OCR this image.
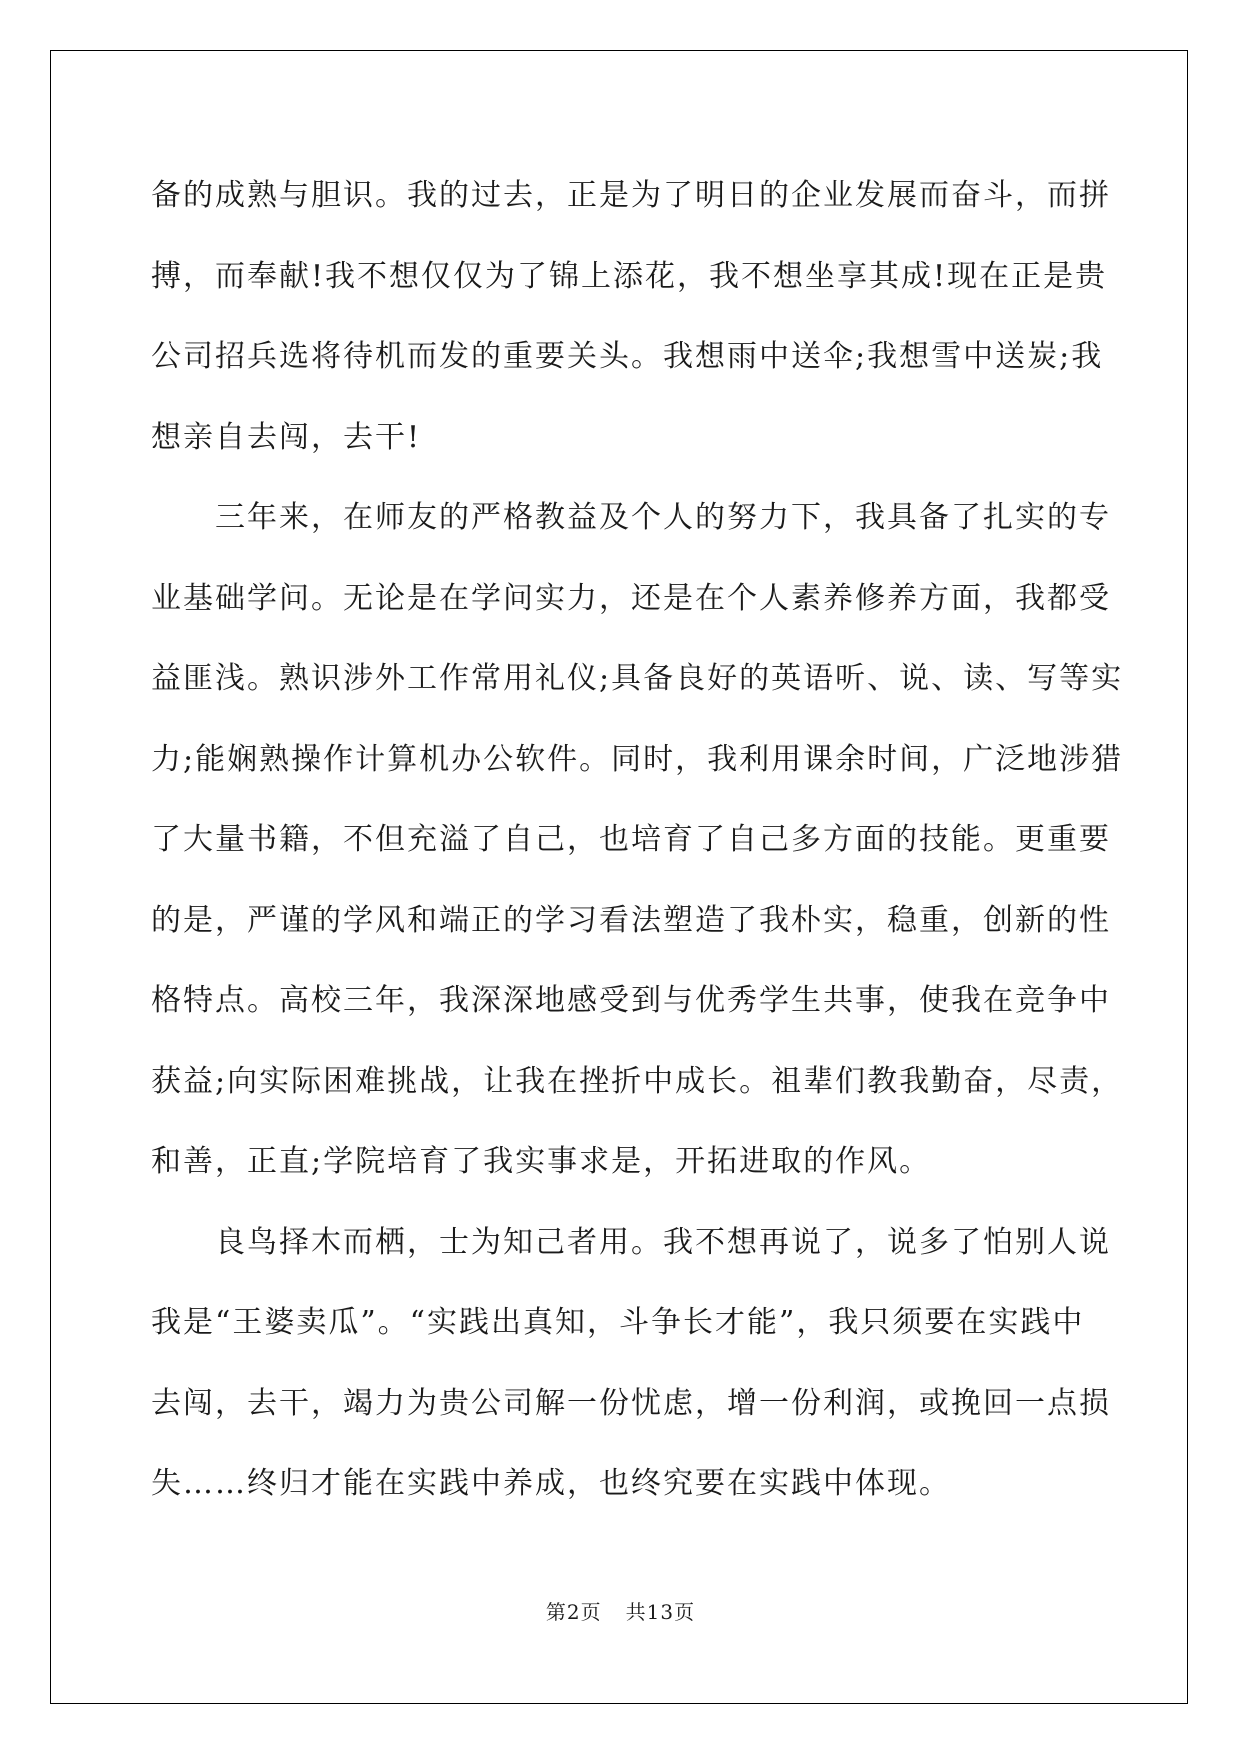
备的成熟与胆识。我的过去，正是为了明日的企业发展而奋斗，而拼
搏，而奉献!我不想仅仅为了锦上添花，我不想坐享其成!现在正是贵
公司招兵选将待机而发的重要关头。我想雨中送伞;我想雪中送炭;我
想亲自去闯，去干!

三年来，在师友的严格教益及个人的努力下，我具备了扎实的专
业基础学问。无论是在学问实力，还是在个人素养修养方面，我都受
益匪浅。熟识涉外工作常用礼仪;具备良好的英语听、说、读、写等实
力;能娴熟操作计算机办公软件。同时，我利用课余时间，广泛地涉猎
了大量书籍，不但充溢了自己，也培育了自己多方面的技能。更重要
的是，严谨的学风和端正的学习看法塑造了我朴实，稳重，创新的性
格特点。高校三年，我深深地感受到与优秀学生共事，使我在竞争中
获益;向实际困难挑战，让我在挫折中成长。祖辈们教我勤奋，尽责，
和善，正直;学院培育了我实事求是，开拓进取的作风。

良鸟择木而栖，士为知己者用。我不想再说了，说多了怕别人说
我是“王婆卖瓜”。“实践出真知，斗争长才能”，我只须要在实践中
去闯，去干，竭力为贵公司解一份忧虑，增一份利润，或挽回一点损
失……终归才能在实践中养成，也终究要在实践中体现。

第2页 共13页
